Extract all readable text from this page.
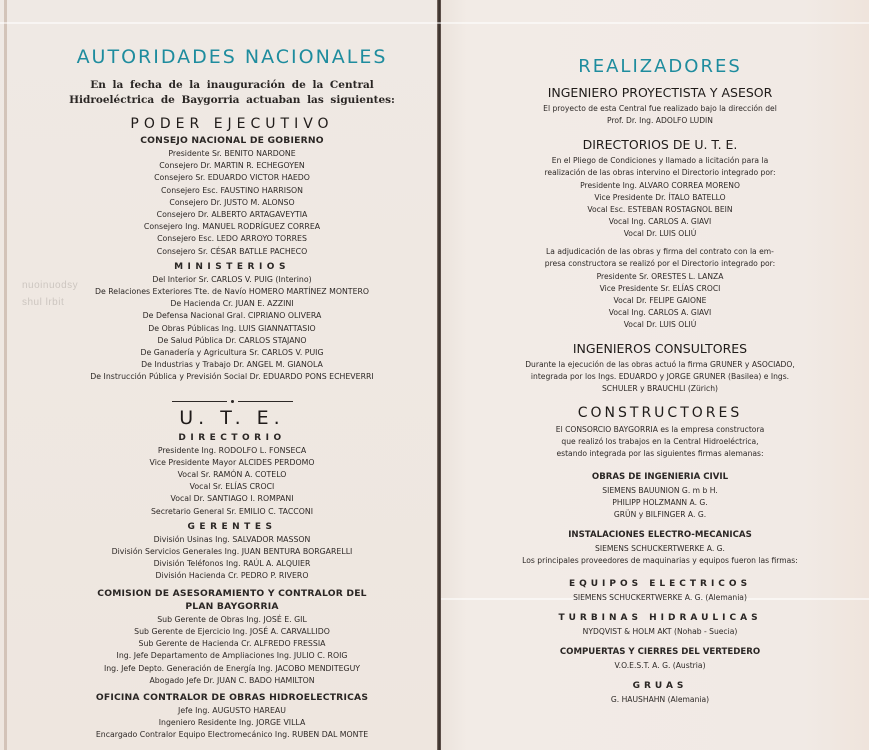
nuoinuodsy
shul lrbit
AUTORIDADES NACIONALES
En la fecha de la inauguración de la Central Hidroeléctrica de Baygorria actuaban las siguientes:
PODER EJECUTIVO
CONSEJO NACIONAL DE GOBIERNO
Presidente Sr. BENITO NARDONE
Consejero Dr. MARTIN R. ECHEGOYEN
Consejero Sr. EDUARDO VICTOR HAEDO
Consejero Esc. FAUSTINO HARRISON
Consejero Dr. JUSTO M. ALONSO
Consejero Dr. ALBERTO ARTAGAVEYTIA
Consejero Ing. MANUEL RODRÍGUEZ CORREA
Consejero Esc. LEDO ARROYO TORRES
Consejero Sr. CÉSAR BATLLE PACHECO
MINISTERIOS
Del Interior Sr. CARLOS V. PUIG (Interino)
De Relaciones Exteriores Tte. de Navío HOMERO MARTÍNEZ MONTERO
De Hacienda Cr. JUAN E. AZZINI
De Defensa Nacional Gral. CIPRIANO OLIVERA
De Obras Públicas Ing. LUIS GIANNATTASIO
De Salud Pública Dr. CARLOS STAJANO
De Ganadería y Agricultura Sr. CARLOS V. PUIG
De Industrias y Trabajo Dr. ANGEL M. GIANOLA
De Instrucción Pública y Previsión Social Dr. EDUARDO PONS ECHEVERRI
U. T. E.
DIRECTORIO
Presidente Ing. RODOLFO L. FONSECA
Vice Presidente Mayor ALCIDES PERDOMO
Vocal Sr. RAMÓN A. COTELO
Vocal Sr. ELÍAS CROCI
Vocal Dr. SANTIAGO I. ROMPANI
Secretario General Sr. EMILIO C. TACCONI
GERENTES
División Usinas Ing. SALVADOR MASSON
División Servicios Generales Ing. JUAN BENTURA BORGARELLI
División Teléfonos Ing. RAÚL A. ALQUIER
División Hacienda Cr. PEDRO P. RIVERO
COMISION DE ASESORAMIENTO Y CONTRALOR DEL
PLAN BAYGORRIA
Sub Gerente de Obras Ing. JOSÉ E. GIL
Sub Gerente de Ejercicio Ing. JOSÉ A. CARVALLIDO
Sub Gerente de Hacienda Cr. ALFREDO FRESSIA
Ing. Jefe Departamento de Ampliaciones Ing. JULIO C. ROIG
Ing. Jefe Depto. Generación de Energía Ing. JACOBO MENDITEGUY
Abogado Jefe Dr. JUAN C. BADO HAMILTON
OFICINA CONTRALOR DE OBRAS HIDROELECTRICAS
Jefe Ing. AUGUSTO HAREAU
Ingeniero Residente Ing. JORGE VILLA
Encargado Contralor Equipo Electromecánico Ing. RUBEN DAL MONTE
REALIZADORES
INGENIERO PROYECTISTA Y ASESOR
El proyecto de esta Central fue realizado bajo la dirección del
Prof. Dr. Ing. ADOLFO LUDIN
DIRECTORIOS DE U. T. E.
En el Pliego de Condiciones y llamado a licitación para la
realización de las obras intervino el Directorio integrado por:
Presidente Ing. ALVARO CORREA MORENO
Vice Presidente Dr. ÍTALO BATELLO
Vocal Esc. ESTEBAN ROSTAGNOL BEIN
Vocal Ing. CARLOS A. GIAVI
Vocal Dr. LUIS OLIÚ
La adjudicación de las obras y firma del contrato con la em-
presa constructora se realizó por el Directorio integrado por:
Presidente Sr. ORESTES L. LANZA
Vice Presidente Sr. ELÍAS CROCI
Vocal Dr. FELIPE GAIONE
Vocal Ing. CARLOS A. GIAVI
Vocal Dr. LUIS OLIÚ
INGENIEROS CONSULTORES
Durante la ejecución de las obras actuó la firma GRUNER y ASOCIADO,
integrada por los Ings. EDUARDO y JORGE GRUNER (Basilea) e Ings.
SCHULER y BRAUCHLI (Zürich)
CONSTRUCTORES
El CONSORCIO BAYGORRIA es la empresa constructora
que realizó los trabajos en la Central Hidroeléctrica,
estando integrada por las siguientes firmas alemanas:
OBRAS DE INGENIERIA CIVIL
SIEMENS BAUUNION G. m b H.
PHILIPP HOLZMANN A. G.
GRÜN y BILFINGER A. G.
INSTALACIONES ELECTRO-MECANICAS
SIEMENS SCHUCKERTWERKE A. G.
Los principales proveedores de maquinarias y equipos fueron las firmas:
EQUIPOS ELECTRICOS
SIEMENS SCHUCKERTWERKE A. G. (Alemania)
TURBINAS HIDRAULICAS
NYDQVIST & HOLM AKT (Nohab - Suecia)
COMPUERTAS Y CIERRES DEL VERTEDERO
V.O.E.S.T. A. G. (Austria)
GRUAS
G. HAUSHAHN (Alemania)
